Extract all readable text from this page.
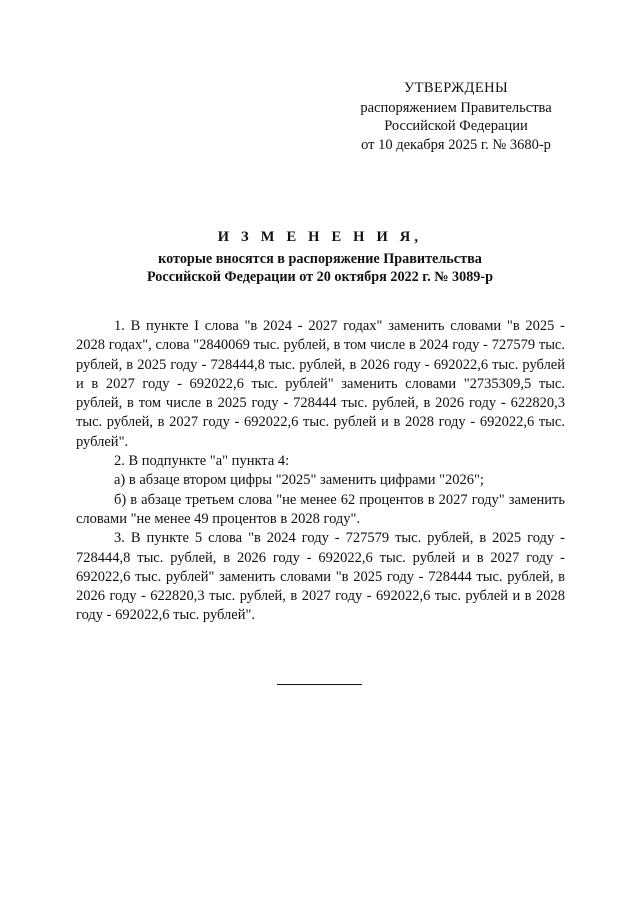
УТВЕРЖДЕНЫ
распоряжением Правительства
Российской Федерации
от 10 декабря 2025 г. № 3680-р
И З М Е Н Е Н И Я,
которые вносятся в распоряжение Правительства
Российской Федерации от 20 октября 2022 г. № 3089-р

1. В пункте I слова "в 2024 - 2027 годах" заменить словами "в 2025 - 2028 годах", слова "2840069 тыс. рублей, в том числе в 2024 году - 727579 тыс. рублей, в 2025 году - 728444,8 тыс. рублей, в 2026 году - 692022,6 тыс. рублей и в 2027 году - 692022,6 тыс. рублей" заменить словами "2735309,5 тыс. рублей, в том числе в 2025 году - 728444 тыс. рублей, в 2026 году - 622820,3 тыс. рублей, в 2027 году - 692022,6 тыс. рублей и в 2028 году - 692022,6 тыс. рублей".

2. В подпункте "а" пункта 4:

а) в абзаце втором цифры "2025" заменить цифрами "2026";

б) в абзаце третьем слова "не менее 62 процентов в 2027 году" заменить словами "не менее 49 процентов в 2028 году".

3. В пункте 5 слова "в 2024 году - 727579 тыс. рублей, в 2025 году - 728444,8 тыс. рублей, в 2026 году - 692022,6 тыс. рублей и в 2027 году - 692022,6 тыс. рублей" заменить словами "в 2025 году - 728444 тыс. рублей, в 2026 году - 622820,3 тыс. рублей, в 2027 году - 692022,6 тыс. рублей и в 2028 году - 692022,6 тыс. рублей".
